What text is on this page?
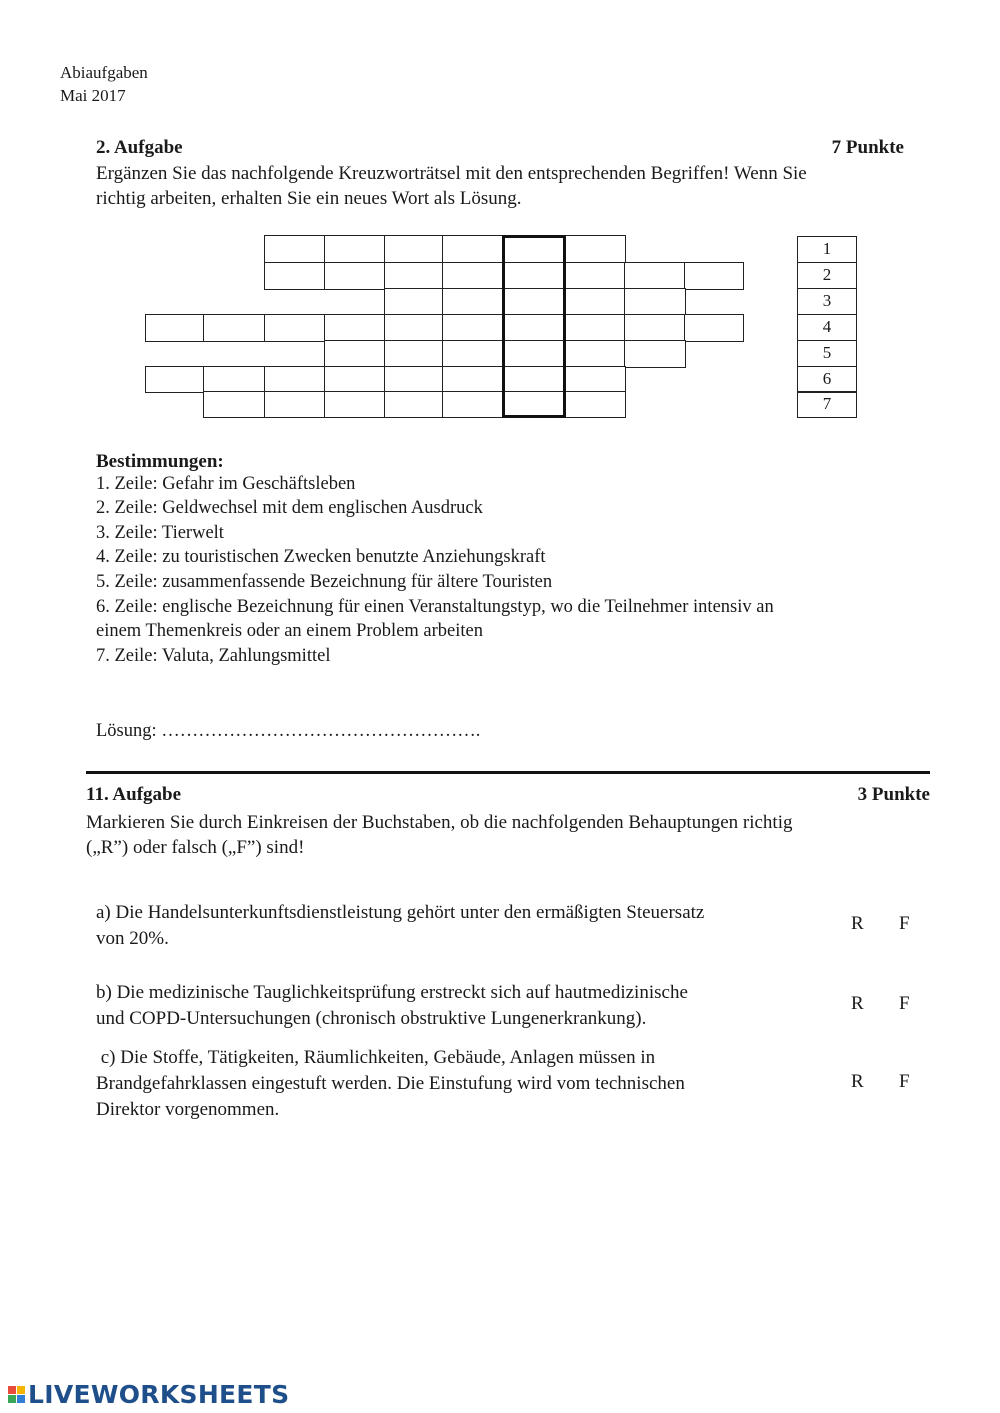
Abiaufgaben
Mai 2017
2. Aufgabe	7 Punkte
Ergänzen Sie das nachfolgende Kreuzworträtsel mit den entsprechenden Begriffen! Wenn Sie
richtig arbeiten, erhalten Sie ein neues Wort als Lösung.
1
2
3
4
5
6
7
Bestimmungen:
1. Zeile: Gefahr im Geschäftsleben
2. Zeile: Geldwechsel mit dem englischen Ausdruck
3. Zeile: Tierwelt
4. Zeile: zu touristischen Zwecken benutzte Anziehungskraft
5. Zeile: zusammenfassende Bezeichnung für ältere Touristen
6. Zeile: englische Bezeichnung für einen Veranstaltungstyp, wo die Teilnehmer intensiv an
einem Themenkreis oder an einem Problem arbeiten
7. Zeile: Valuta, Zahlungsmittel
Lösung: …………………………………………….
11. Aufgabe	3 Punkte
Markieren Sie durch Einkreisen der Buchstaben, ob die nachfolgenden Behauptungen richtig
(„R”) oder falsch („F”) sind!
a) Die Handelsunterkunftsdienstleistung gehört unter den ermäßigten Steuersatz
von 20%.
R F
b) Die medizinische Tauglichkeitsprüfung erstreckt sich auf hautmedizinische
und COPD-Untersuchungen (chronisch obstruktive Lungenerkrankung).
R F
c) Die Stoffe, Tätigkeiten, Räumlichkeiten, Gebäude, Anlagen müssen in
Brandgefahrklassen eingestuft werden. Die Einstufung wird vom technischen
Direktor vorgenommen.
R F
LIVEWORKSHEETS
